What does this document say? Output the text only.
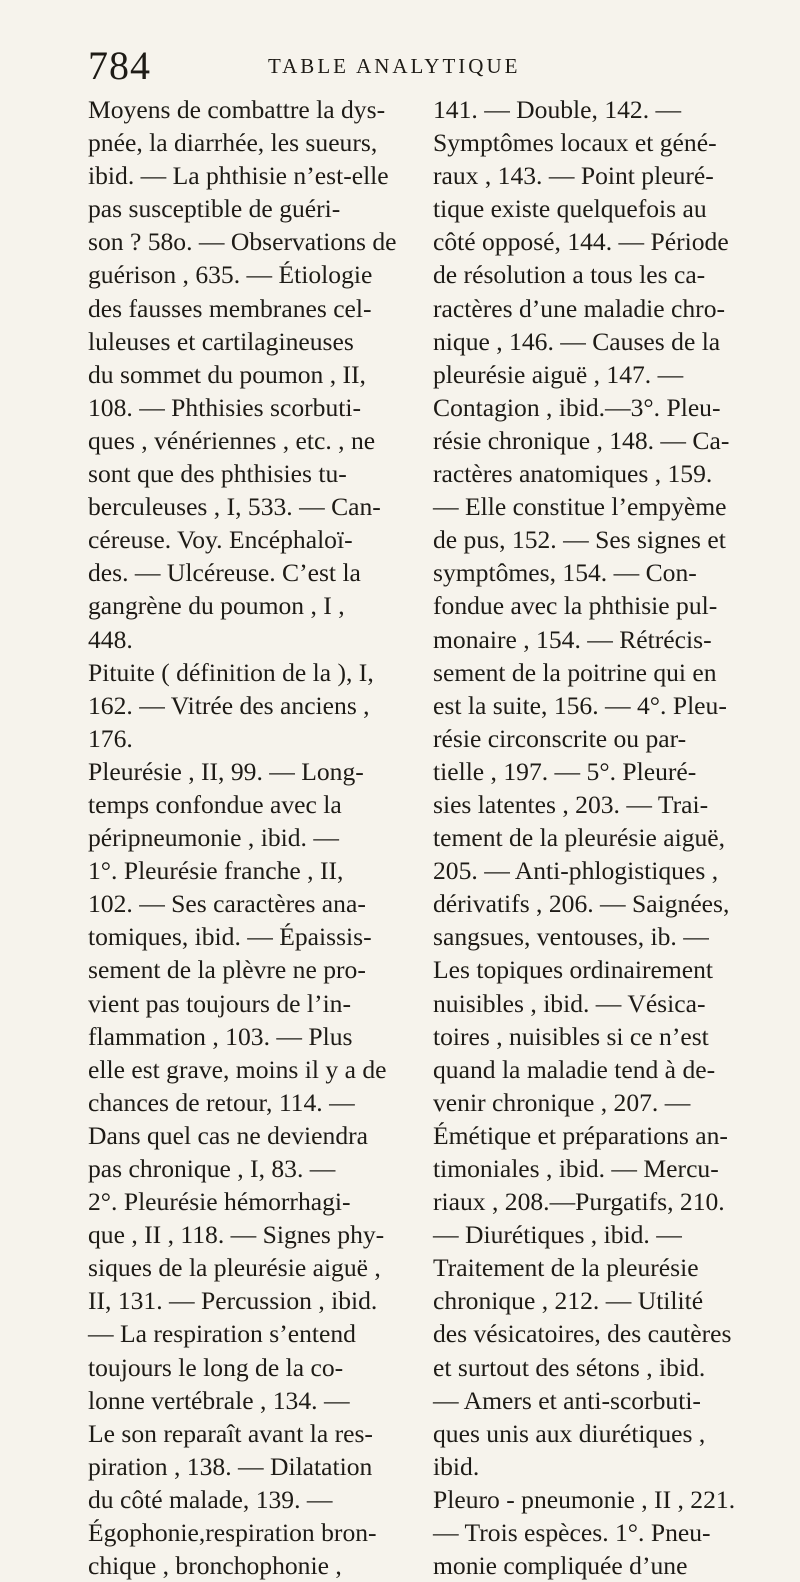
784	TABLE ANALYTIQUE
Moyens de combattre la dys-
pnée, la diarrhée, les sueurs,
ibid. — La phthisie n’est-elle
pas susceptible de guéri-
son ? 58o. — Observations de
guérison , 635. — Étiologie
des fausses membranes cel-
luleuses et cartilagineuses
du sommet du poumon , II,
108. — Phthisies scorbuti-
ques , vénériennes , etc. , ne
sont que des phthisies tu-
berculeuses , I, 533. — Can-
céreuse. Voy. Encéphaloï-
des. — Ulcéreuse. C’est la
gangrène du poumon , I ,
448.
Pituite ( définition de la ), I,
162. — Vitrée des anciens ,
176.
Pleurésie , II, 99. — Long-
temps confondue avec la
péripneumonie , ibid. —
1°. Pleurésie franche , II,
102. — Ses caractères ana-
tomiques, ibid. — Épaissis-
sement de la plèvre ne pro-
vient pas toujours de l’in-
flammation , 103. — Plus
elle est grave, moins il y a de
chances de retour, 114. —
Dans quel cas ne deviendra
pas chronique , I, 83. —
2°. Pleurésie hémorrhagi-
que , II , 118. — Signes phy-
siques de la pleurésie aiguë ,
II, 131. — Percussion , ibid.
— La respiration s’entend
toujours le long de la co-
lonne vertébrale , 134. —
Le son reparaît avant la res-
piration , 138. — Dilatation
du côté malade, 139. —
Égophonie,respiration bron-
chique , bronchophonie ,
141. — Double, 142. —
Symptômes locaux et géné-
raux , 143. — Point pleuré-
tique existe quelquefois au
côté opposé, 144. — Période
de résolution a tous les ca-
ractères d’une maladie chro-
nique , 146. — Causes de la
pleurésie aiguë , 147. —
Contagion , ibid.—3°. Pleu-
résie chronique , 148. — Ca-
ractères anatomiques , 159.
— Elle constitue l’empyème
de pus, 152. — Ses signes et
symptômes, 154. — Con-
fondue avec la phthisie pul-
monaire , 154. — Rétrécis-
sement de la poitrine qui en
est la suite, 156. — 4°. Pleu-
résie circonscrite ou par-
tielle , 197. — 5°. Pleuré-
sies latentes , 203. — Trai-
tement de la pleurésie aiguë,
205. — Anti-phlogistiques ,
dérivatifs , 206. — Saignées,
sangsues, ventouses, ib. —
Les topiques ordinairement
nuisibles , ibid. — Vésica-
toires , nuisibles si ce n’est
quand la maladie tend à de-
venir chronique , 207. —
Émétique et préparations an-
timoniales , ibid. — Mercu-
riaux , 208.—Purgatifs, 210.
— Diurétiques , ibid. —
Traitement de la pleurésie
chronique , 212. — Utilité
des vésicatoires, des cautères
et surtout des sétons , ibid.
— Amers et anti-scorbuti-
ques unis aux diurétiques ,
ibid.
Pleuro - pneumonie , II , 221.
— Trois espèces. 1°. Pneu-
monie compliquée d’une
